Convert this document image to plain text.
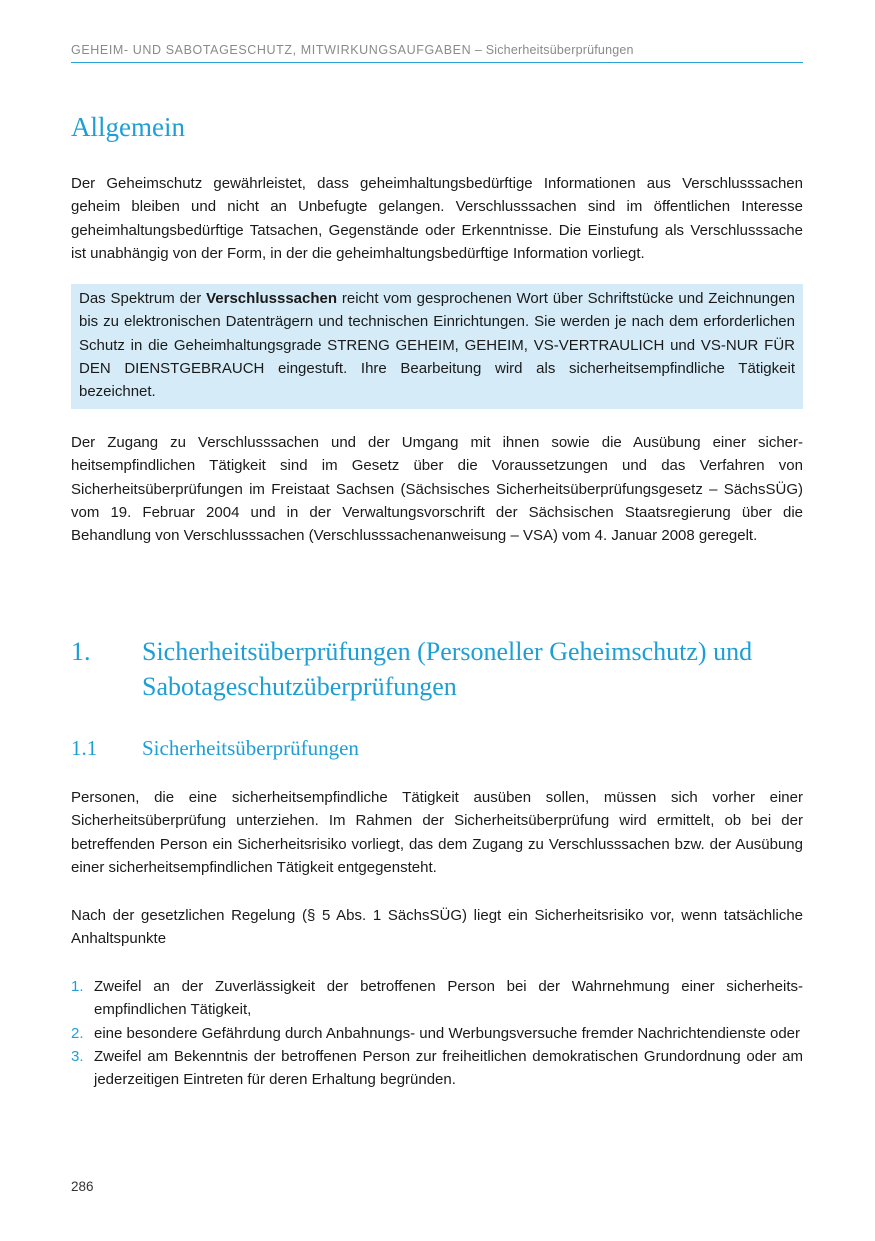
GEHEIM- UND SABOTAGESCHUTZ, MITWIRKUNGSAUFGABEN – Sicherheitsüberprüfungen
Allgemein

Der Geheimschutz gewährleistet, dass geheimhaltungsbedürftige Informationen aus Verschlusssachen geheim bleiben und nicht an Unbefugte gelangen. Verschlusssachen sind im öffentlichen Interesse geheimhaltungsbedürftige Tatsachen, Gegenstände oder Erkenntnisse. Die Einstufung als Verschlusssache ist unabhängig von der Form, in der die geheimhaltungsbedürftige Information vorliegt.

Das Spektrum der Verschlusssachen reicht vom gesprochenen Wort über Schriftstücke und Zeichnungen bis zu elektronischen Datenträgern und technischen Einrichtungen. Sie werden je nach dem erforderlichen Schutz in die Geheimhaltungsgrade STRENG GEHEIM, GEHEIM, VS-VERTRAULICH und VS-NUR FÜR DEN DIENSTGEBRAUCH eingestuft. Ihre Bearbeitung wird als sicherheitsempfindliche Tätigkeit bezeichnet.

Der Zugang zu Verschlusssachen und der Umgang mit ihnen sowie die Ausübung einer sicherheitsempfindlichen Tätigkeit sind im Gesetz über die Voraussetzungen und das Verfahren von Sicherheitsüberprüfungen im Freistaat Sachsen (Sächsisches Sicherheitsüberprüfungsgesetz – SächsSÜG) vom 19. Februar 2004 und in der Verwaltungsvorschrift der Sächsischen Staatsregierung über die Behandlung von Verschlusssachen (Verschlusssachenanweisung – VSA) vom 4. Januar 2008 geregelt.

1. Sicherheitsüberprüfungen (Personeller Geheimschutz) und Sabotageschutzüberprüfungen
1.1 Sicherheitsüberprüfungen

Personen, die eine sicherheitsempfindliche Tätigkeit ausüben sollen, müssen sich vorher einer Sicherheitsüberprüfung unterziehen. Im Rahmen der Sicherheitsüberprüfung wird ermittelt, ob bei der betreffenden Person ein Sicherheitsrisiko vorliegt, das dem Zugang zu Verschlusssachen bzw. der Ausübung einer sicherheitsempfindlichen Tätigkeit entgegensteht.

Nach der gesetzlichen Regelung (§ 5 Abs. 1 SächsSÜG) liegt ein Sicherheitsrisiko vor, wenn tatsächliche Anhaltspunkte

1. Zweifel an der Zuverlässigkeit der betroffenen Person bei der Wahrnehmung einer sicherheitsempfindlichen Tätigkeit,
2. eine besondere Gefährdung durch Anbahnungs- und Werbungsversuche fremder Nachrichtendienste oder
3. Zweifel am Bekenntnis der betroffenen Person zur freiheitlichen demokratischen Grundordnung oder am jederzeitigen Eintreten für deren Erhaltung begründen.
286
